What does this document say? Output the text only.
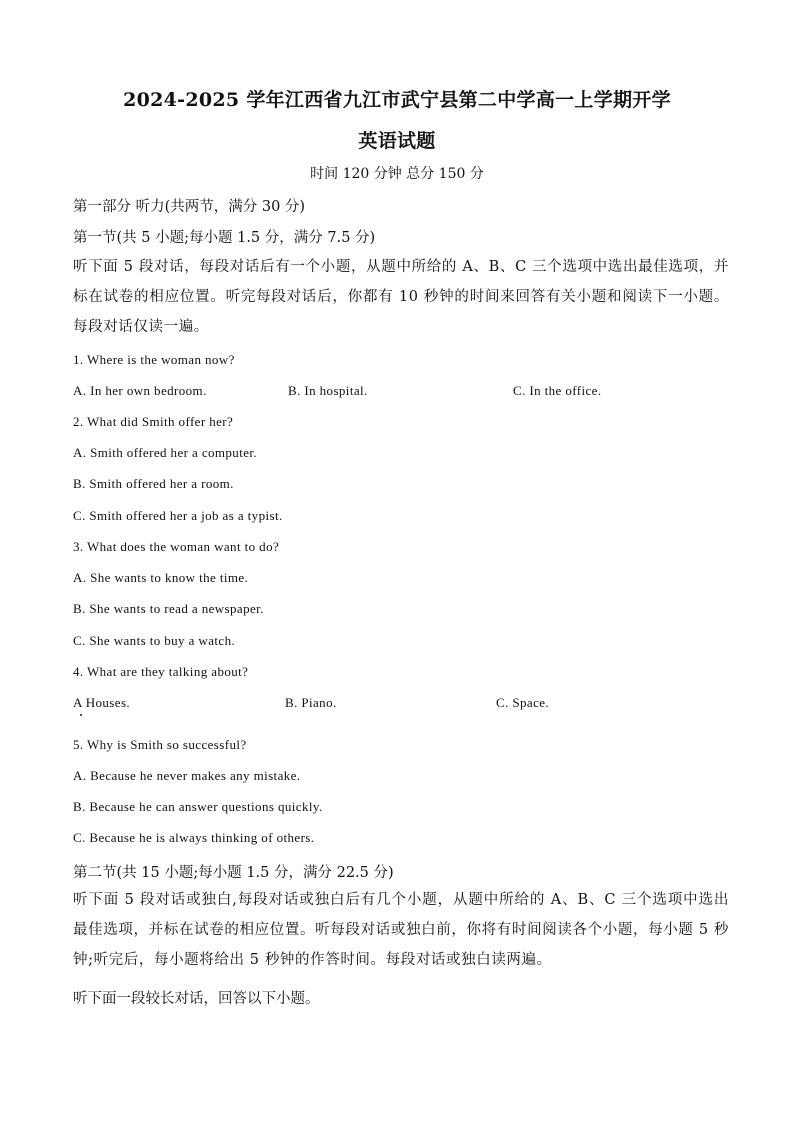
2024-2025 学年江西省九江市武宁县第二中学高一上学期开学
英语试题
时间 120 分钟 总分 150 分
第一部分 听力(共两节，满分 30 分)
第一节(共 5 小题;每小题 1.5 分，满分 7.5 分)
听下面 5 段对话，每段对话后有一个小题，从题中所给的 A、B、C 三个选项中选出最佳选项，并标在试卷的相应位置。听完每段对话后，你都有 10 秒钟的时间来回答有关小题和阅读下一小题。每段对话仅读一遍。
1. Where is the woman now?
A. In her own bedroom.	B. In hospital.	C. In the office.
2. What did Smith offer her?
A. Smith offered her a computer.
B. Smith offered her a room.
C. Smith offered her a job as a typist.
3. What does the woman want to do?
A. She wants to know the time.
B. She wants to read a newspaper.
C. She wants to buy a watch.
4. What are they talking about?
A Houses.	B. Piano.	C. Space.
5. Why is Smith so successful?
A. Because he never makes any mistake.
B. Because he can answer questions quickly.
C. Because he is always thinking of others.
第二节(共 15 小题;每小题 1.5 分，满分 22.5 分)
听下面 5 段对话或独白,每段对话或独白后有几个小题，从题中所给的 A、B、C 三个选项中选出最佳选项，并标在试卷的相应位置。听每段对话或独白前，你将有时间阅读各个小题，每小题 5 秒钟;听完后，每小题将给出 5 秒钟的作答时间。每段对话或独白读两遍。
听下面一段较长对话，回答以下小题。
